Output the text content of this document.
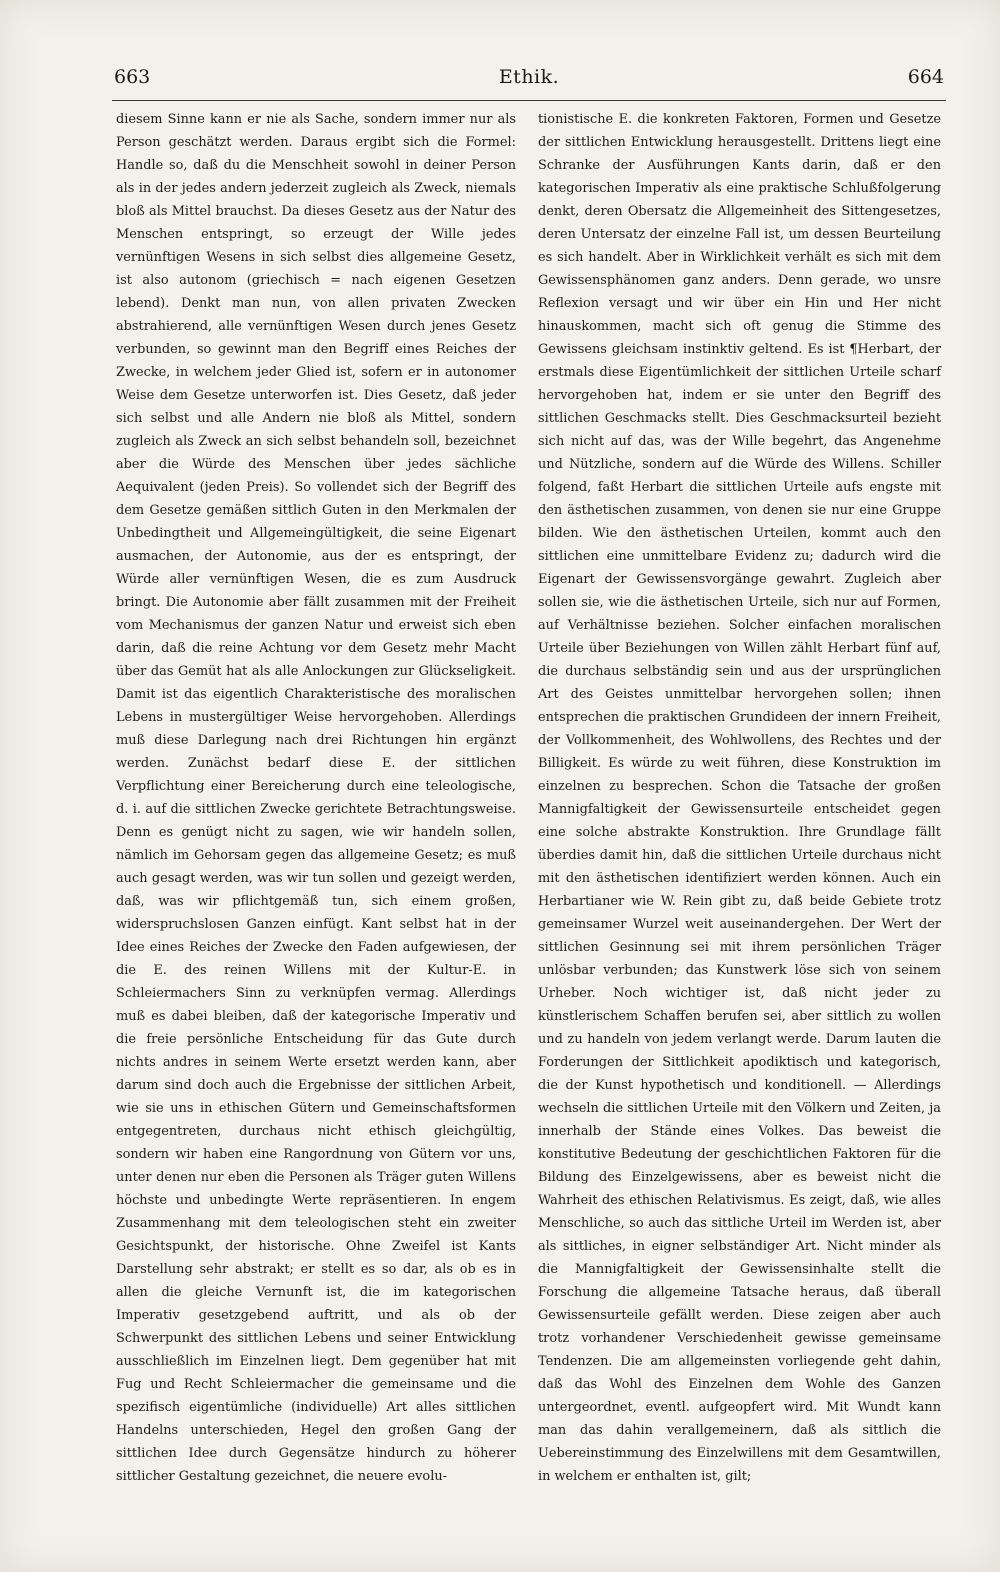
663	Ethik.	664

diesem Sinne kann er nie als Sache, sondern immer nur als Person geschätzt werden. Daraus ergibt sich die Formel: Handle so, daß du die Menschheit sowohl in deiner Person als in der jedes andern jederzeit zugleich als Zweck, niemals bloß als Mittel brauchst. Da dieses Gesetz aus der Natur des Menschen entspringt, so erzeugt der Wille jedes vernünftigen Wesens in sich selbst dies allgemeine Gesetz, ist also autonom (griechisch = nach eigenen Gesetzen lebend). Denkt man nun, von allen privaten Zwecken abstrahierend, alle vernünftigen Wesen durch jenes Gesetz verbunden, so gewinnt man den Begriff eines Reiches der Zwecke, in welchem jeder Glied ist, sofern er in autonomer Weise dem Gesetze unterworfen ist. Dies Gesetz, daß jeder sich selbst und alle Andern nie bloß als Mittel, sondern zugleich als Zweck an sich selbst behandeln soll, bezeichnet aber die Würde des Menschen über jedes sächliche Aequivalent (jeden Preis). So vollendet sich der Begriff des dem Gesetze gemäßen sittlich Guten in den Merkmalen der Unbedingtheit und Allgemeingültigkeit, die seine Eigenart ausmachen, der Autonomie, aus der es entspringt, der Würde aller vernünftigen Wesen, die es zum Ausdruck bringt. Die Autonomie aber fällt zusammen mit der Freiheit vom Mechanismus der ganzen Natur und erweist sich eben darin, daß die reine Achtung vor dem Gesetz mehr Macht über das Gemüt hat als alle Anlockungen zur Glückseligkeit. Damit ist das eigentlich Charakteristische des moralischen Lebens in mustergültiger Weise hervorgehoben. Allerdings muß diese Darlegung nach drei Richtungen hin ergänzt werden. Zunächst bedarf diese E. der sittlichen Verpflichtung einer Bereicherung durch eine teleologische, d. i. auf die sittlichen Zwecke gerichtete Betrachtungsweise. Denn es genügt nicht zu sagen, wie wir handeln sollen, nämlich im Gehorsam gegen das allgemeine Gesetz; es muß auch gesagt werden, was wir tun sollen und gezeigt werden, daß, was wir pflichtgemäß tun, sich einem großen, widerspruchslosen Ganzen einfügt. Kant selbst hat in der Idee eines Reiches der Zwecke den Faden aufgewiesen, der die E. des reinen Willens mit der Kultur-E. in Schleiermachers Sinn zu verknüpfen vermag. Allerdings muß es dabei bleiben, daß der kategorische Imperativ und die freie persönliche Entscheidung für das Gute durch nichts andres in seinem Werte ersetzt werden kann, aber darum sind doch auch die Ergebnisse der sittlichen Arbeit, wie sie uns in ethischen Gütern und Gemeinschaftsformen entgegentreten, durchaus nicht ethisch gleichgültig, sondern wir haben eine Rangordnung von Gütern vor uns, unter denen nur eben die Personen als Träger guten Willens höchste und unbedingte Werte repräsentieren. In engem Zusammenhang mit dem teleologischen steht ein zweiter Gesichtspunkt, der historische. Ohne Zweifel ist Kants Darstellung sehr abstrakt; er stellt es so dar, als ob es in allen die gleiche Vernunft ist, die im kategorischen Imperativ gesetzgebend auftritt, und als ob der Schwerpunkt des sittlichen Lebens und seiner Entwicklung ausschließlich im Einzelnen liegt. Dem gegenüber hat mit Fug und Recht Schleiermacher die gemeinsame und die spezifisch eigentümliche (individuelle) Art alles sittlichen Handelns unterschieden, Hegel den großen Gang der sittlichen Idee durch Gegensätze hindurch zu höherer sittlicher Gestaltung gezeichnet, die neuere evolu-

tionistische E. die konkreten Faktoren, Formen und Gesetze der sittlichen Entwicklung herausgestellt. Drittens liegt eine Schranke der Ausführungen Kants darin, daß er den kategorischen Imperativ als eine praktische Schlußfolgerung denkt, deren Obersatz die Allgemeinheit des Sittengesetzes, deren Untersatz der einzelne Fall ist, um dessen Beurteilung es sich handelt. Aber in Wirklichkeit verhält es sich mit dem Gewissensphänomen ganz anders. Denn gerade, wo unsre Reflexion versagt und wir über ein Hin und Her nicht hinauskommen, macht sich oft genug die Stimme des Gewissens gleichsam instinktiv geltend. Es ist ¶Herbart, der erstmals diese Eigentümlichkeit der sittlichen Urteile scharf hervorgehoben hat, indem er sie unter den Begriff des sittlichen Geschmacks stellt. Dies Geschmacksurteil bezieht sich nicht auf das, was der Wille begehrt, das Angenehme und Nützliche, sondern auf die Würde des Willens. Schiller folgend, faßt Herbart die sittlichen Urteile aufs engste mit den ästhetischen zusammen, von denen sie nur eine Gruppe bilden. Wie den ästhetischen Urteilen, kommt auch den sittlichen eine unmittelbare Evidenz zu; dadurch wird die Eigenart der Gewissensvorgänge gewahrt. Zugleich aber sollen sie, wie die ästhetischen Urteile, sich nur auf Formen, auf Verhältnisse beziehen. Solcher einfachen moralischen Urteile über Beziehungen von Willen zählt Herbart fünf auf, die durchaus selbständig sein und aus der ursprünglichen Art des Geistes unmittelbar hervorgehen sollen; ihnen entsprechen die praktischen Grundideen der innern Freiheit, der Vollkommenheit, des Wohlwollens, des Rechtes und der Billigkeit. Es würde zu weit führen, diese Konstruktion im einzelnen zu besprechen. Schon die Tatsache der großen Mannigfaltigkeit der Gewissensurteile entscheidet gegen eine solche abstrakte Konstruktion. Ihre Grundlage fällt überdies damit hin, daß die sittlichen Urteile durchaus nicht mit den ästhetischen identifiziert werden können. Auch ein Herbartianer wie W. Rein gibt zu, daß beide Gebiete trotz gemeinsamer Wurzel weit auseinandergehen. Der Wert der sittlichen Gesinnung sei mit ihrem persönlichen Träger unlösbar verbunden; das Kunstwerk löse sich von seinem Urheber. Noch wichtiger ist, daß nicht jeder zu künstlerischem Schaffen berufen sei, aber sittlich zu wollen und zu handeln von jedem verlangt werde. Darum lauten die Forderungen der Sittlichkeit apodiktisch und kategorisch, die der Kunst hypothetisch und konditionell. — Allerdings wechseln die sittlichen Urteile mit den Völkern und Zeiten, ja innerhalb der Stände eines Volkes. Das beweist die konstitutive Bedeutung der geschichtlichen Faktoren für die Bildung des Einzelgewissens, aber es beweist nicht die Wahrheit des ethischen Relativismus. Es zeigt, daß, wie alles Menschliche, so auch das sittliche Urteil im Werden ist, aber als sittliches, in eigner selbständiger Art. Nicht minder als die Mannigfaltigkeit der Gewissensinhalte stellt die Forschung die allgemeine Tatsache heraus, daß überall Gewissensurteile gefällt werden. Diese zeigen aber auch trotz vorhandener Verschiedenheit gewisse gemeinsame Tendenzen. Die am allgemeinsten vorliegende geht dahin, daß das Wohl des Einzelnen dem Wohle des Ganzen untergeordnet, eventl. aufgeopfert wird. Mit Wundt kann man das dahin verallgemeinern, daß als sittlich die Uebereinstimmung des Einzelwillens mit dem Gesamtwillen, in welchem er enthalten ist, gilt;
